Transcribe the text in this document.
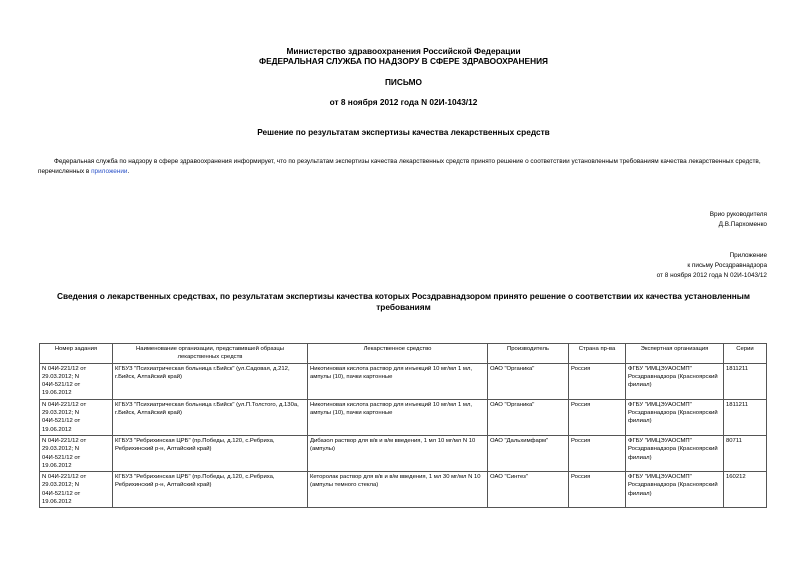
Министерство здравоохранения Российской Федерации
ФЕДЕРАЛЬНАЯ СЛУЖБА ПО НАДЗОРУ В СФЕРЕ ЗДРАВООХРАНЕНИЯ
ПИСЬМО
от 8 ноября 2012 года N 02И-1043/12
Решение по результатам экспертизы качества лекарственных средств
Федеральная служба по надзору в сфере здравоохранения информирует, что по результатам экспертизы качества лекарственных средств принято решение о соответствии установленным требованиям качества лекарственных средств, перечисленных в приложении.
Врио руководителя
Д.В.Пархоменко
Приложение
к письму Росздравнадзора
от 8 ноября 2012 года N 02И-1043/12
Сведения о лекарственных средствах, по результатам экспертизы качества которых Росздравнадзором принято решение о соответствии их качества установленным требованиям
Номер задания	Наименование организации, представившей образцы лекарственных средств	Лекарственное средство	Производитель	Страна пр-ва	Экспертная организация	Серии
N 04И-221/12 от 29.03.2012; N 04И-521/12 от 19.06.2012	КГБУЗ "Психиатрическая больница г.Бийск" (ул.Садовая, д.212, г.Бийск, Алтайский край)	Никотиновая кислота раствор для инъекций 10 мг/мл 1 мл, ампулы (10), пачки картонные	ОАО "Органика"	Россия	ФГБУ "ИМЦЭУАОСМП" Росздравнадзора (Красноярский филиал)	1811211
N 04И-221/12 от 29.03.2012; N 04И-521/12 от 19.06.2012	КГБУЗ "Психиатрическая больница г.Бийск" (ул.П.Толстого, д.130а, г.Бийск, Алтайский край)	Никотиновая кислота раствор для инъекций 10 мг/мл 1 мл, ампулы (10), пачки картонные	ОАО "Органика"	Россия	ФГБУ "ИМЦЭУАОСМП" Росздравнадзора (Красноярский филиал)	1811211
N 04И-221/12 от 29.03.2012; N 04И-521/12 от 19.06.2012	КГБУЗ "Ребрихинская ЦРБ" (пр.Победы, д.120, с.Ребриха, Ребрихинский р-н, Алтайский край)	Дибазол раствор для в/в и в/м введения, 1 мл 10 мг/мл N 10 (ампулы)	ОАО "Дальхимфарм"	Россия	ФГБУ "ИМЦЭУАОСМП" Росздравнадзора (Красноярский филиал)	80711
N 04И-221/12 от 29.03.2012; N 04И-521/12 от 19.06.2012	КГБУЗ "Ребрихинская ЦРБ" (пр.Победы, д.120, с.Ребриха, Ребрихинский р-н, Алтайский край)	Кеторолак раствор для в/в и в/м введения, 1 мл 30 мг/мл N 10 (ампулы темного стекла)	ОАО "Синтез"	Россия	ФГБУ "ИМЦЭУАОСМП" Росздравнадзора (Красноярский филиал)	160212
